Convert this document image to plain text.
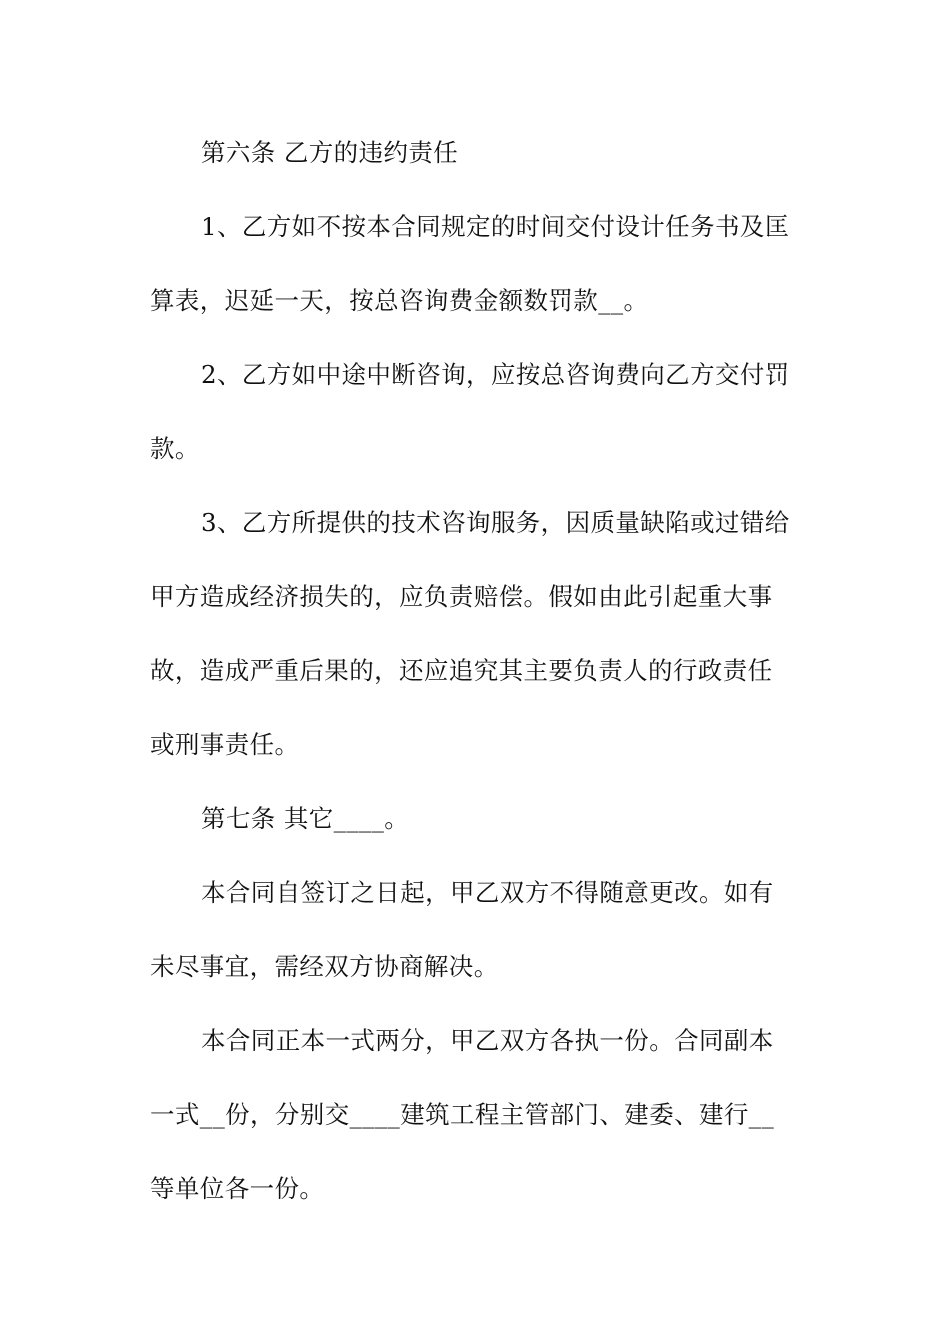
第六条 乙方的违约责任
1、乙方如不按本合同规定的时间交付设计任务书及匡
算表，迟延一天，按总咨询费金额数罚款__。
2、乙方如中途中断咨询，应按总咨询费向乙方交付罚
款。
3、乙方所提供的技术咨询服务，因质量缺陷或过错给
甲方造成经济损失的，应负责赔偿。假如由此引起重大事
故，造成严重后果的，还应追究其主要负责人的行政责任
或刑事责任。
第七条 其它____。
本合同自签订之日起，甲乙双方不得随意更改。如有
未尽事宜，需经双方协商解决。
本合同正本一式两分，甲乙双方各执一份。合同副本
一式__份，分别交____建筑工程主管部门、建委、建行__
等单位各一份。
